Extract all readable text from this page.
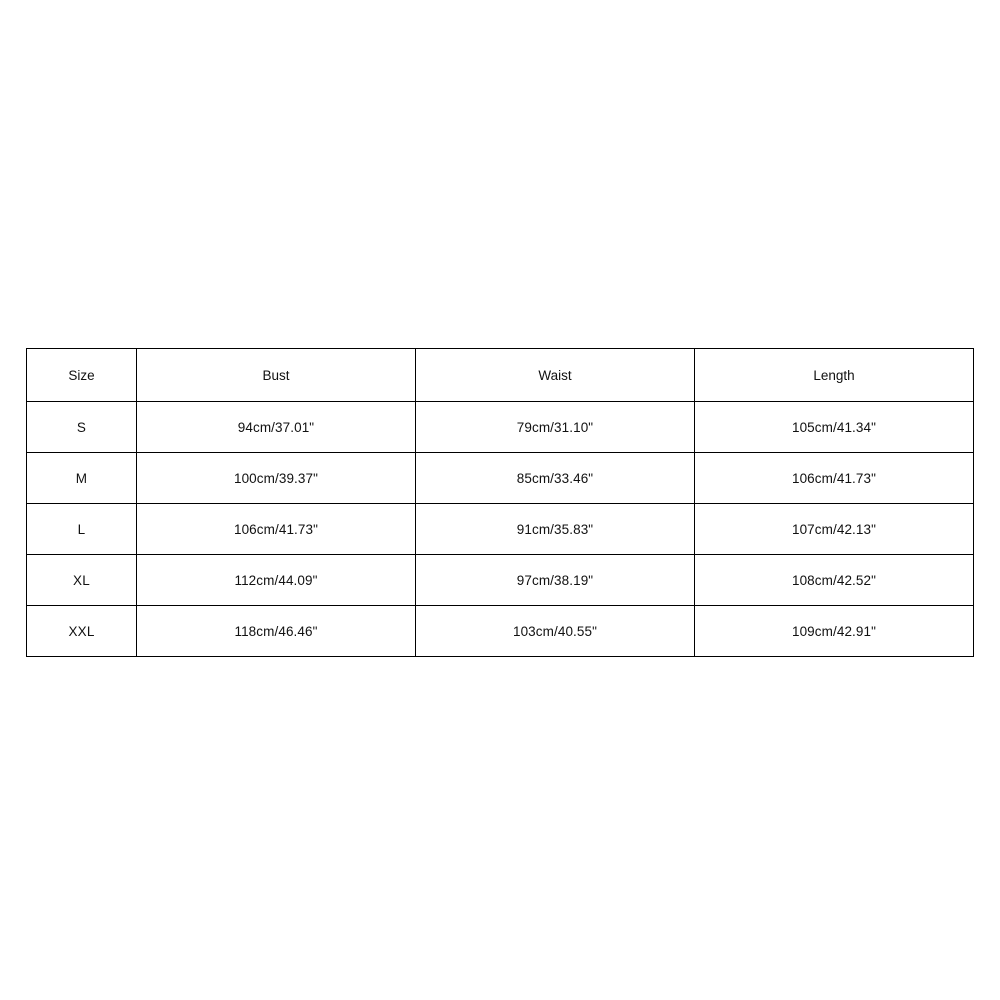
Size	Bust	Waist	Length
S	94cm/37.01"	79cm/31.10"	105cm/41.34"
M	100cm/39.37"	85cm/33.46"	106cm/41.73"
L	106cm/41.73"	91cm/35.83"	107cm/42.13"
XL	112cm/44.09"	97cm/38.19"	108cm/42.52"
XXL	118cm/46.46"	103cm/40.55"	109cm/42.91"
